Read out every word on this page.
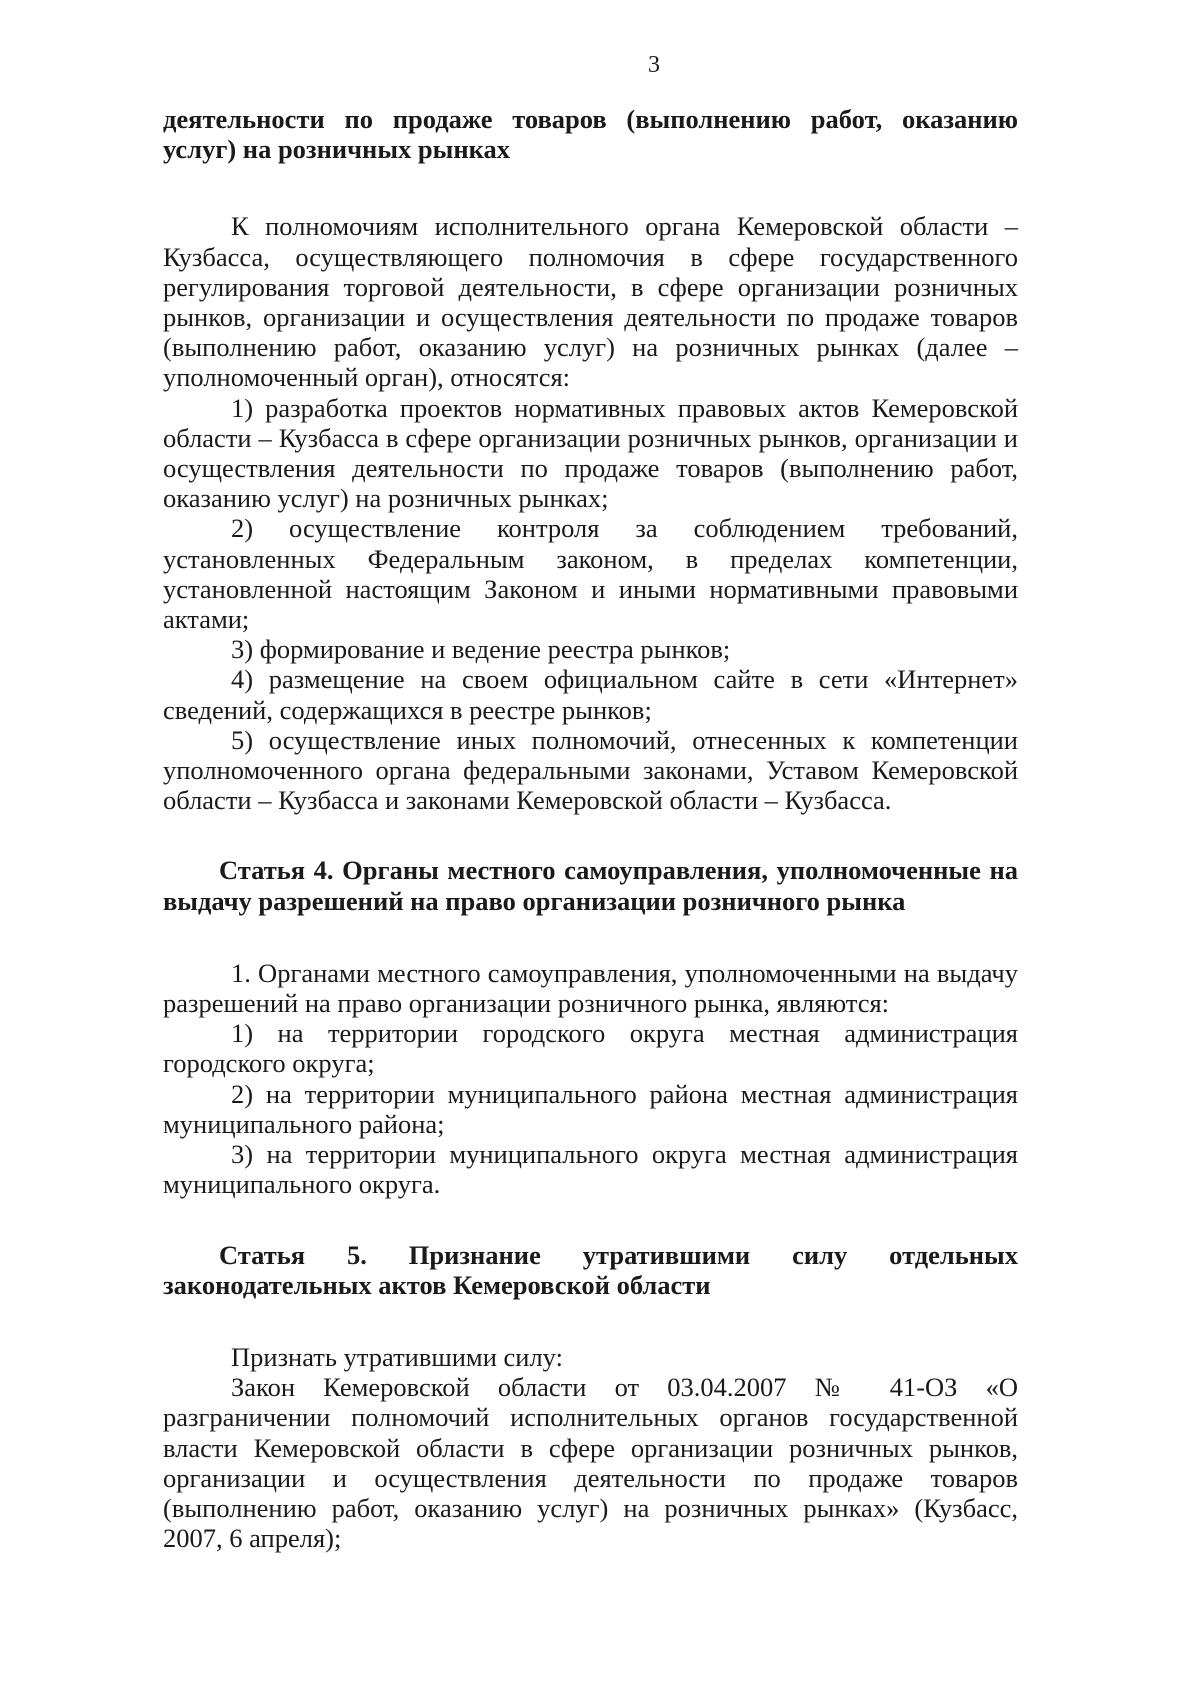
3

деятельности по продаже товаров (выполнению работ, оказанию услуг) на розничных рынках

К полномочиям исполнительного органа Кемеровской области – Кузбасса, осуществляющего полномочия в сфере государственного регулирования торговой деятельности, в сфере организации розничных рынков, организации и осуществления деятельности по продаже товаров (выполнению работ, оказанию услуг) на розничных рынках (далее – уполномоченный орган), относятся:

1) разработка проектов нормативных правовых актов Кемеровской области – Кузбасса в сфере организации розничных рынков, организации и осуществления деятельности по продаже товаров (выполнению работ, оказанию услуг) на розничных рынках;

2) осуществление контроля за соблюдением требований, установленных Федеральным законом, в пределах компетенции, установленной настоящим Законом и иными нормативными правовыми актами;

3) формирование и ведение реестра рынков;

4) размещение на своем официальном сайте в сети «Интернет» сведений, содержащихся в реестре рынков;

5) осуществление иных полномочий, отнесенных к компетенции уполномоченного органа федеральными законами, Уставом Кемеровской области – Кузбасса и законами Кемеровской области – Кузбасса.

Статья 4. Органы местного самоуправления, уполномоченные на выдачу разрешений на право организации розничного рынка

1. Органами местного самоуправления, уполномоченными на выдачу разрешений на право организации розничного рынка, являются:

1) на территории городского округа местная администрация городского округа;

2) на территории муниципального района местная администрация муниципального района;

3) на территории муниципального округа местная администрация муниципального округа.

Статья 5. Признание утратившими силу отдельных законодательных актов Кемеровской области

Признать утратившими силу:

Закон Кемеровской области от 03.04.2007 № 41-ОЗ «О разграничении полномочий исполнительных органов государственной власти Кемеровской области в сфере организации розничных рынков, организации и осуществления деятельности по продаже товаров (выполнению работ, оказанию услуг) на розничных рынках» (Кузбасс, 2007, 6 апреля);
